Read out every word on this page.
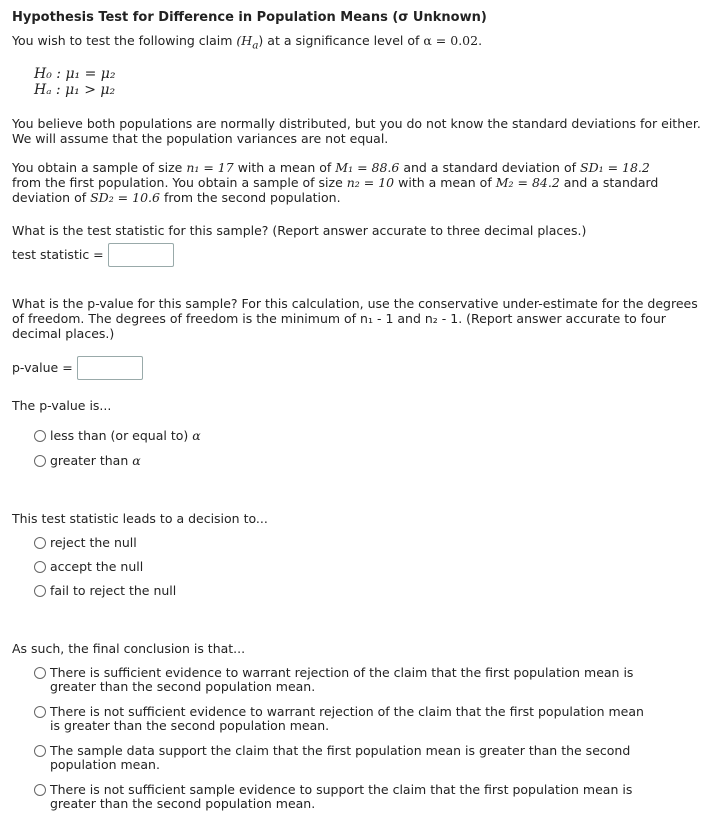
Hypothesis Test for Difference in Population Means (σ Unknown)

You wish to test the following claim $(H_a)$ at a significance level of α = 0.02.

H₀ : μ₁ = μ₂
Hₐ : μ₁ > μ₂

You believe both populations are normally distributed, but you do not know the standard deviations for either. We will assume that the population variances are not equal.

You obtain a sample of size n₁ = 17 with a mean of M₁ = 88.6 and a standard deviation of SD₁ = 18.2
from the first population. You obtain a sample of size n₂ = 10 with a mean of M₂ = 84.2 and a standard
deviation of SD₂ = 10.6 from the second population.

What is the test statistic for this sample? (Report answer accurate to three decimal places.)

test statistic =

What is the p-value for this sample? For this calculation, use the conservative under-estimate for the degrees of freedom. The degrees of freedom is the minimum of n₁ - 1 and n₂ - 1. (Report answer accurate to four decimal places.)

p-value =

The p-value is...

less than (or equal to) α
greater than α

This test statistic leads to a decision to...

reject the null
accept the null
fail to reject the null

As such, the final conclusion is that...

There is sufficient evidence to warrant rejection of the claim that the first population mean is greater than the second population mean.
There is not sufficient evidence to warrant rejection of the claim that the first population mean is greater than the second population mean.
The sample data support the claim that the first population mean is greater than the second population mean.
There is not sufficient sample evidence to support the claim that the first population mean is greater than the second population mean.
